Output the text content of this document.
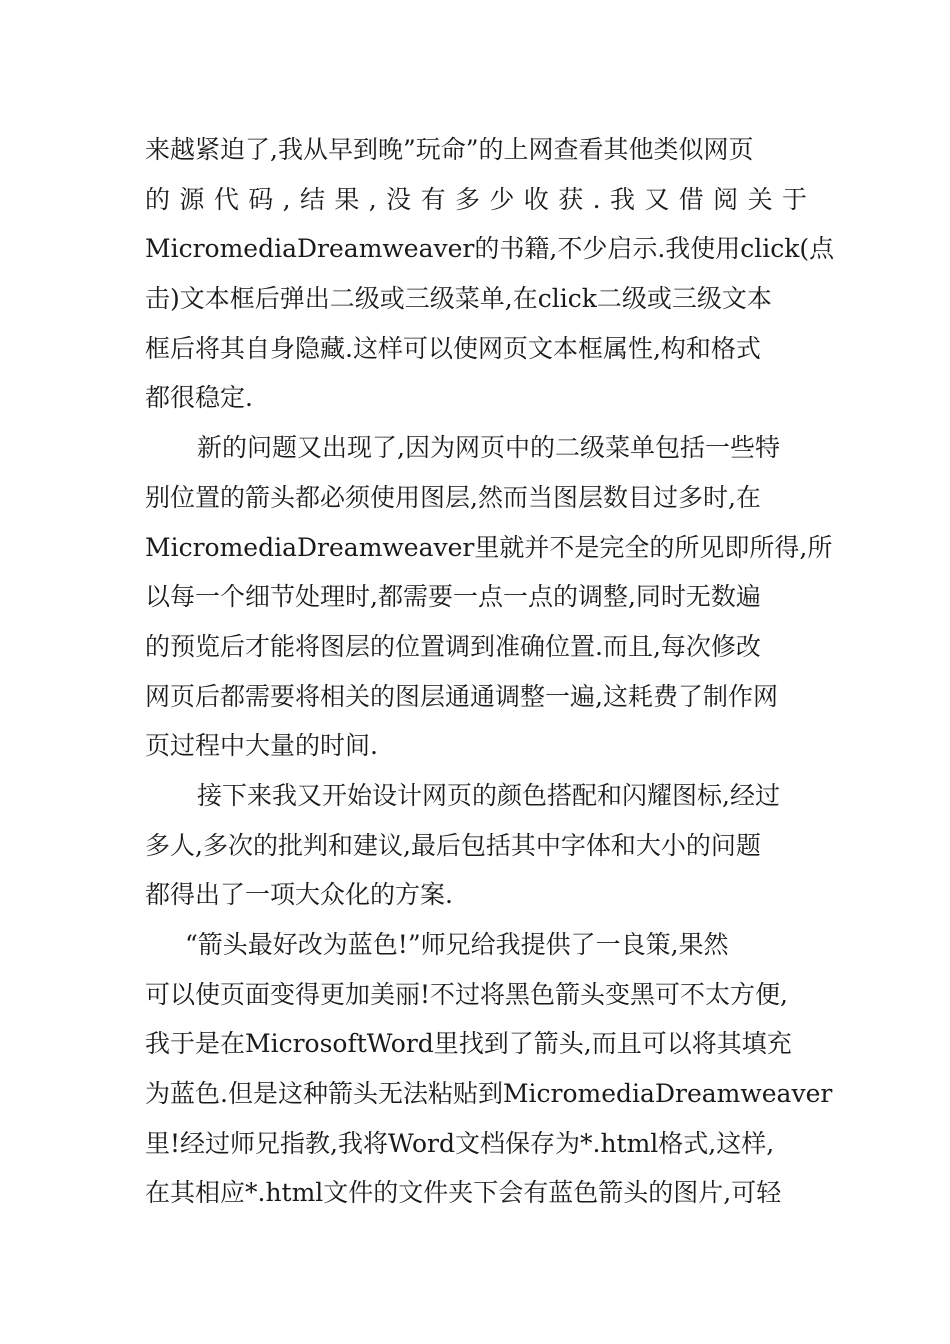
来越紧迫了,我从早到晚”玩命”的上网查看其他类似网页
的源代码,结果,没有多少收获.我又借阅关于
MicromediaDreamweaver的书籍,不少启示.我使用click(点
击)文本框后弹出二级或三级菜单,在click二级或三级文本
框后将其自身隐藏.这样可以使网页文本框属性,构和格式
都很稳定.
新的问题又出现了,因为网页中的二级菜单包括一些特
别位置的箭头都必须使用图层,然而当图层数目过多时,在
MicromediaDreamweaver里就并不是完全的所见即所得,所
以每一个细节处理时,都需要一点一点的调整,同时无数遍
的预览后才能将图层的位置调到准确位置.而且,每次修改
网页后都需要将相关的图层通通调整一遍,这耗费了制作网
页过程中大量的时间.
接下来我又开始设计网页的颜色搭配和闪耀图标,经过
多人,多次的批判和建议,最后包括其中字体和大小的问题
都得出了一项大众化的方案.
“箭头最好改为蓝色!”师兄给我提供了一良策,果然
可以使页面变得更加美丽!不过将黑色箭头变黑可不太方便,
我于是在MicrosoftWord里找到了箭头,而且可以将其填充
为蓝色.但是这种箭头无法粘贴到MicromediaDreamweaver
里!经过师兄指教,我将Word文档保存为*.html格式,这样,
在其相应*.html文件的文件夹下会有蓝色箭头的图片,可轻
